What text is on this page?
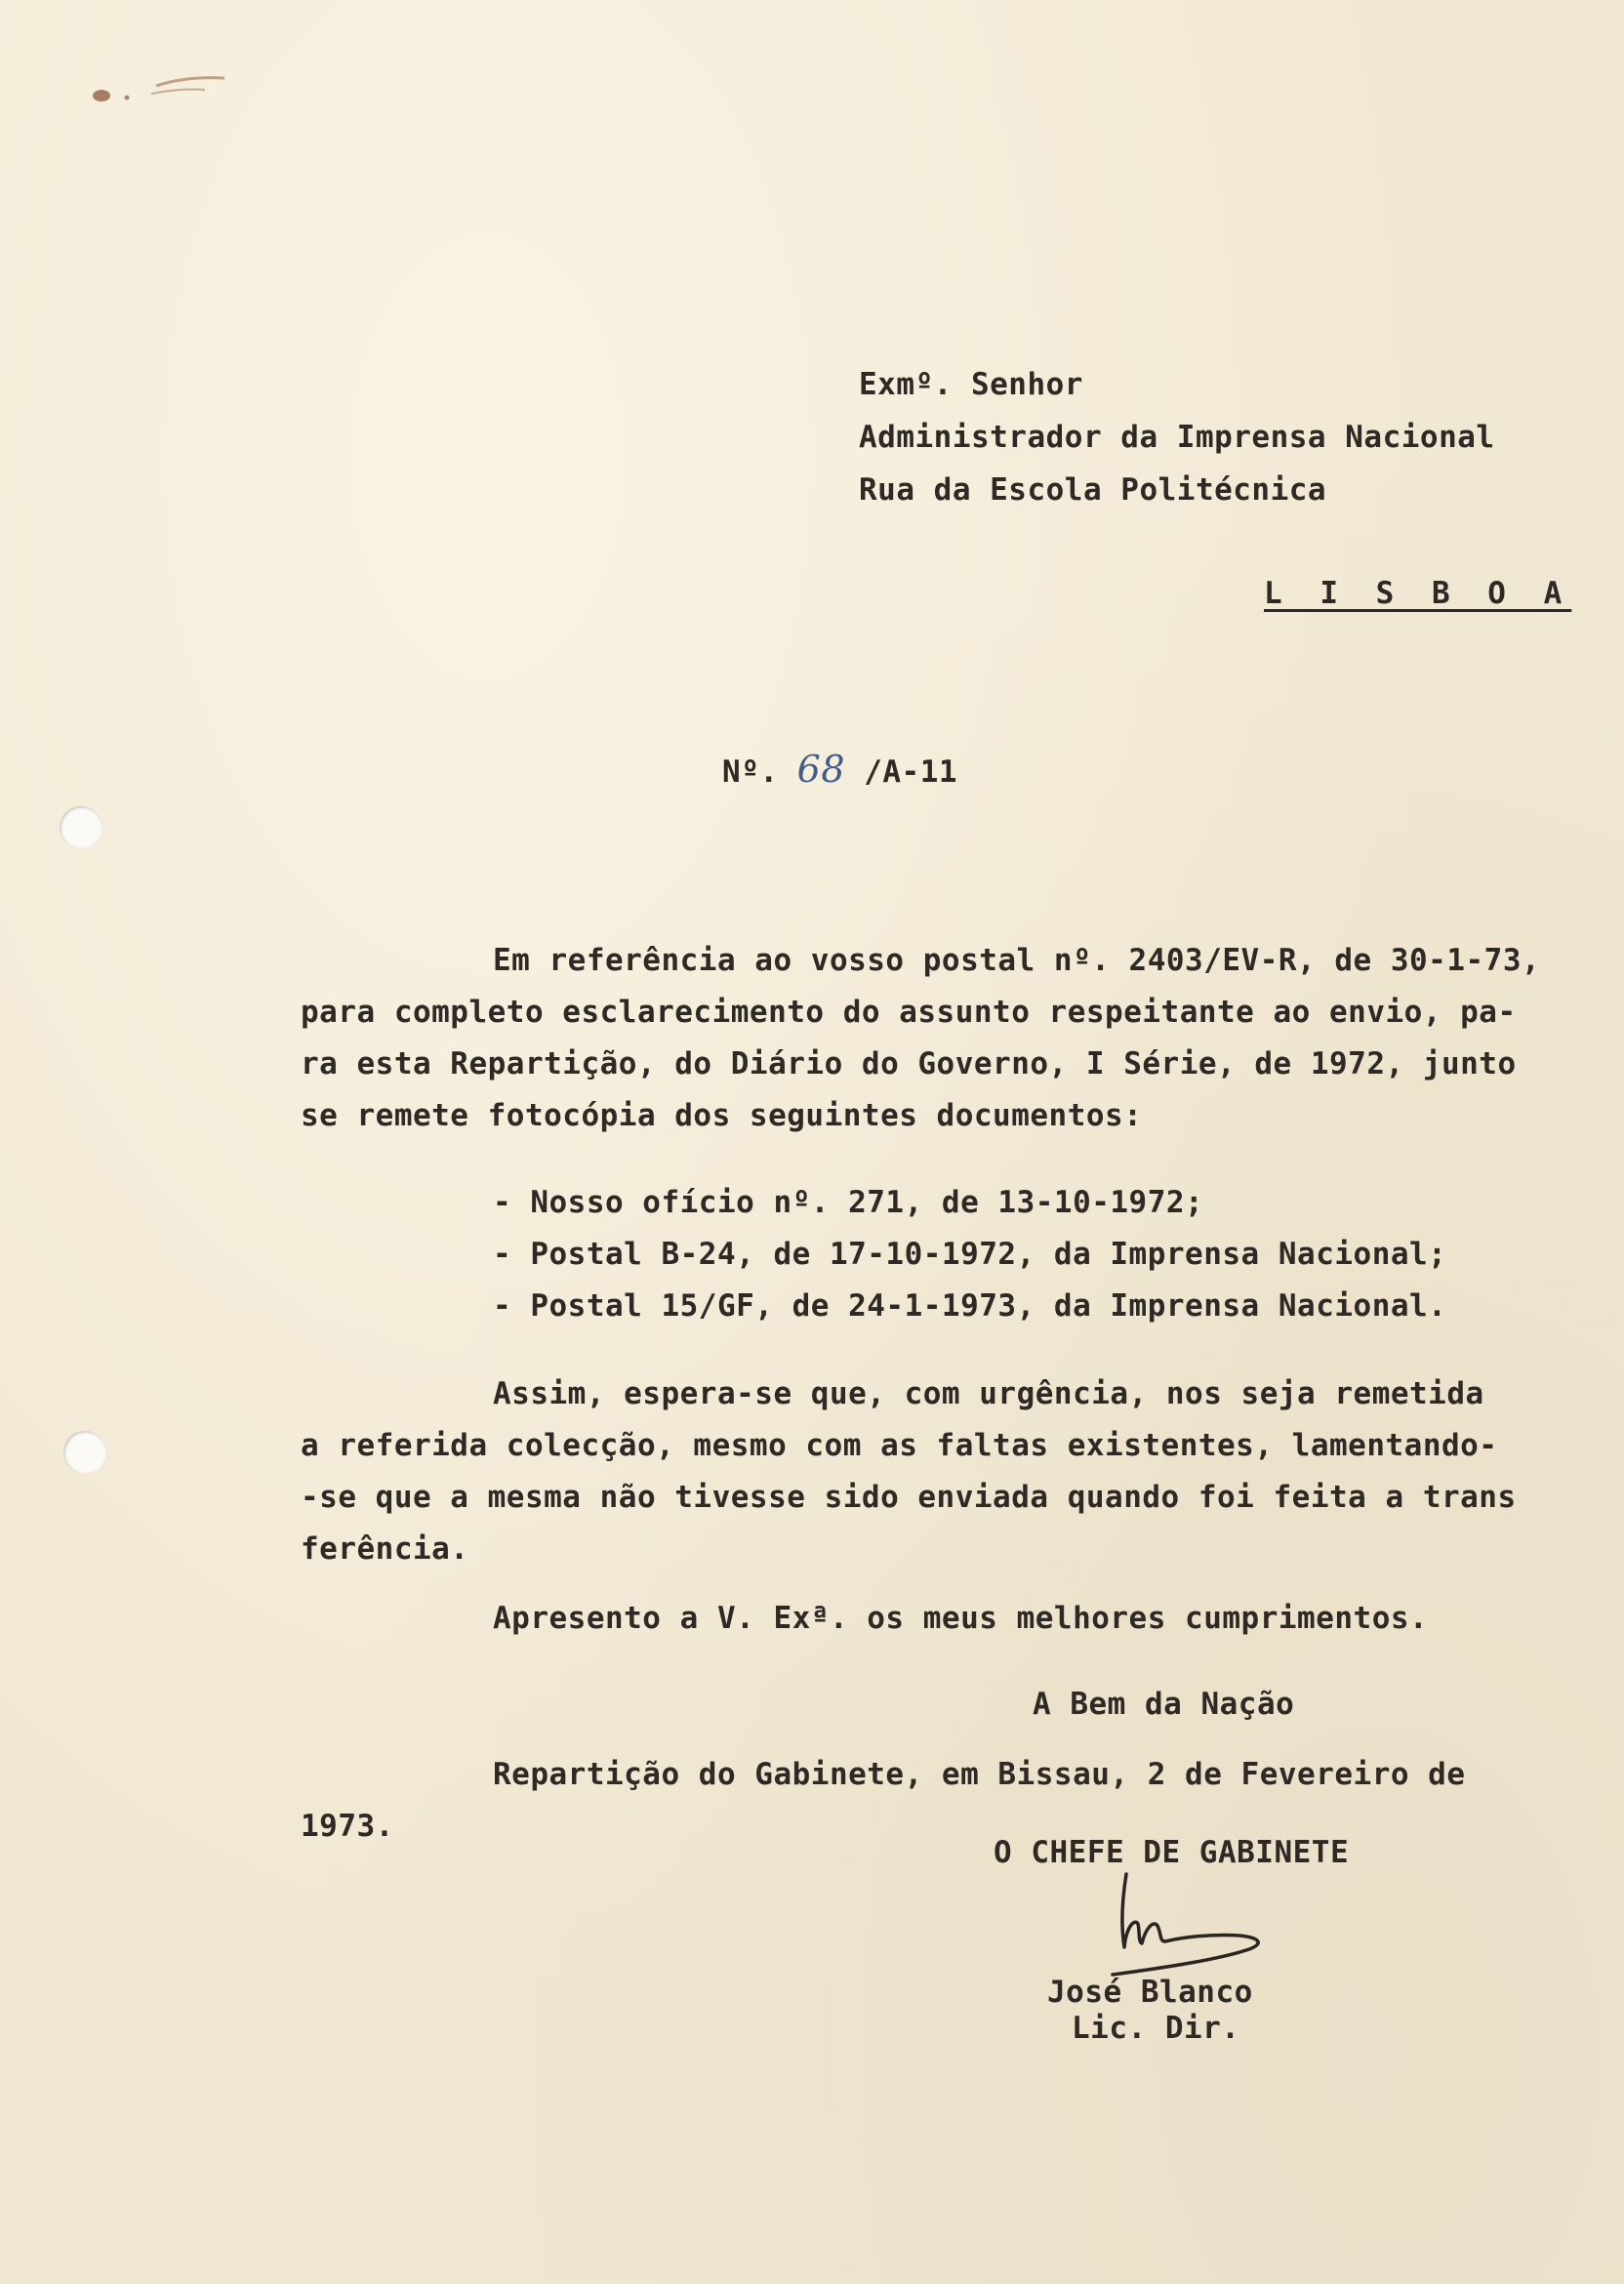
Exmº. Senhor
Administrador da Imprensa Nacional
Rua da Escola Politécnica
L I S B O A
Nº. 68 /A-11
Em referência ao vosso postal nº. 2403/EV-R, de 30-1-73,
para completo esclarecimento do assunto respeitante ao envio, pa-
ra esta Repartição, do Diário do Governo, I Série, de 1972, junto
se remete fotocópia dos seguintes documentos:
- Nosso ofício nº. 271, de 13-10-1972;
- Postal B-24, de 17-10-1972, da Imprensa Nacional;
- Postal 15/GF, de 24-1-1973, da Imprensa Nacional.
Assim, espera-se que, com urgência, nos seja remetida
a referida colecção, mesmo com as faltas existentes, lamentando-
-se que a mesma não tivesse sido enviada quando foi feita a trans
ferência.
Apresento a V. Exª. os meus melhores cumprimentos.
A Bem da Nação
Repartição do Gabinete, em Bissau, 2 de Fevereiro de
1973.
O CHEFE DE GABINETE
José Blanco
Lic. Dir.
